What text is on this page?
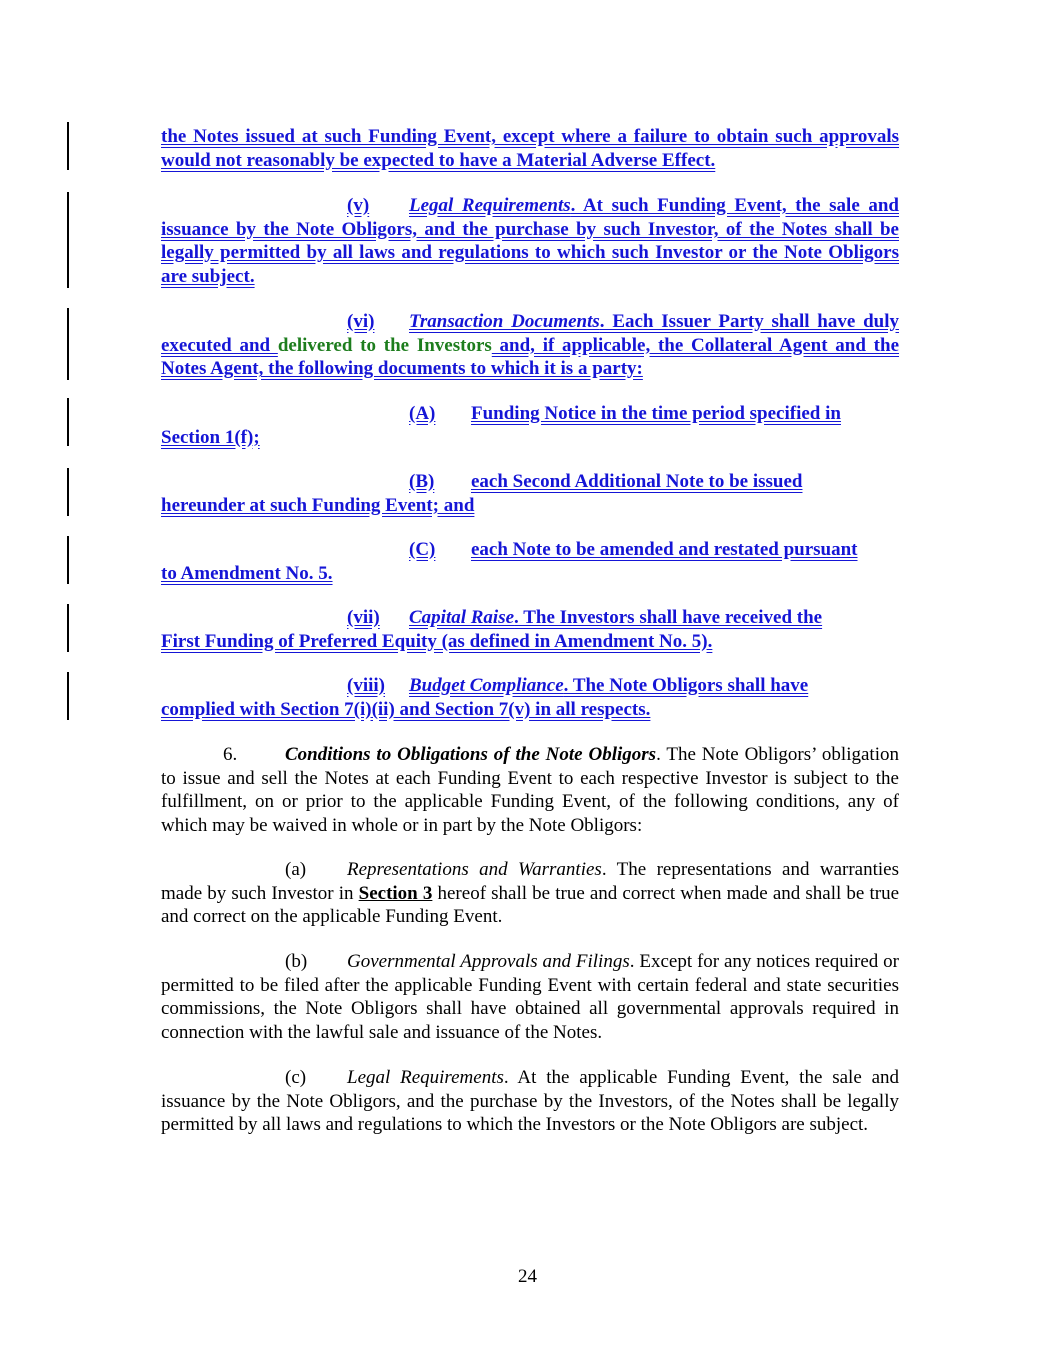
the Notes issued at such Funding Event, except where a failure to obtain such approvals would not reasonably be expected to have a Material Adverse Effect.

(v) Legal Requirements. At such Funding Event, the sale and issuance by the Note Obligors, and the purchase by such Investor, of the Notes shall be legally permitted by all laws and regulations to which such Investor or the Note Obligors are subject.

(vi) Transaction Documents. Each Issuer Party shall have duly executed and delivered to the Investors and, if applicable, the Collateral Agent and the Notes Agent, the following documents to which it is a party:

(A) Funding Notice in the time period specified in
Section 1(f);

(B) each Second Additional Note to be issued
hereunder at such Funding Event; and

(C) each Note to be amended and restated pursuant
to Amendment No. 5.

(vii) Capital Raise. The Investors shall have received the
First Funding of Preferred Equity (as defined in Amendment No. 5).

(viii) Budget Compliance. The Note Obligors shall have
complied with Section 7(i)(ii) and Section 7(v) in all respects.

6.	Conditions to Obligations of the Note Obligors. The Note Obligors’ obligation to issue and sell the Notes at each Funding Event to each respective Investor is subject to the fulfillment, on or prior to the applicable Funding Event, of the following conditions, any of which may be waived in whole or in part by the Note Obligors:

(a) Representations and Warranties. The representations and warranties made by such Investor in Section 3 hereof shall be true and correct when made and shall be true and correct on the applicable Funding Event.

(b) Governmental Approvals and Filings. Except for any notices required or permitted to be filed after the applicable Funding Event with certain federal and state securities commissions, the Note Obligors shall have obtained all governmental approvals required in connection with the lawful sale and issuance of the Notes.

(c) Legal Requirements. At the applicable Funding Event, the sale and issuance by the Note Obligors, and the purchase by the Investors, of the Notes shall be legally permitted by all laws and regulations to which the Investors or the Note Obligors are subject.

24
